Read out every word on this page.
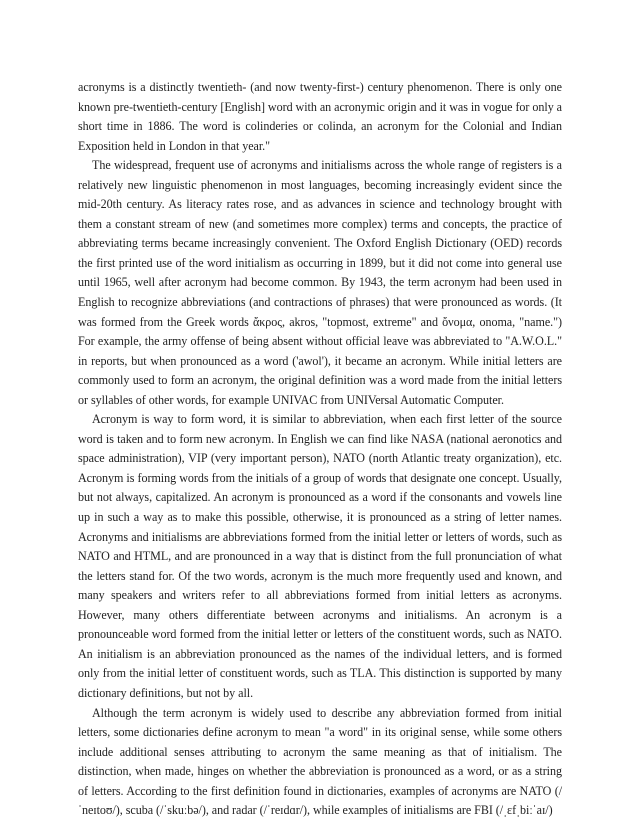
acronyms is a distinctly twentieth- (and now twenty-first-) century phenomenon. There is only one known pre-twentieth-century [English] word with an acronymic origin and it was in vogue for only a short time in 1886. The word is colinderies or colinda, an acronym for the Colonial and Indian Exposition held in London in that year."

The widespread, frequent use of acronyms and initialisms across the whole range of registers is a relatively new linguistic phenomenon in most languages, becoming increasingly evident since the mid-20th century. As literacy rates rose, and as advances in science and technology brought with them a constant stream of new (and sometimes more complex) terms and concepts, the practice of abbreviating terms became increasingly convenient. The Oxford English Dictionary (OED) records the first printed use of the word initialism as occurring in 1899, but it did not come into general use until 1965, well after acronym had become common. By 1943, the term acronym had been used in English to recognize abbreviations (and contractions of phrases) that were pronounced as words. (It was formed from the Greek words ἄκρος, akros, "topmost, extreme" and ὄνομα, onoma, "name.") For example, the army offense of being absent without official leave was abbreviated to "A.W.O.L." in reports, but when pronounced as a word ('awol'), it became an acronym. While initial letters are commonly used to form an acronym, the original definition was a word made from the initial letters or syllables of other words, for example UNIVAC from UNIVersal Automatic Computer.

Acronym is way to form word, it is similar to abbreviation, when each first letter of the source word is taken and to form new acronym. In English we can find like NASA (national aeronotics and space administration), VIP (very important person), NATO (north Atlantic treaty organization), etc. Acronym is forming words from the initials of a group of words that designate one concept. Usually, but not always, capitalized. An acronym is pronounced as a word if the consonants and vowels line up in such a way as to make this possible, otherwise, it is pronounced as a string of letter names. Acronyms and initialisms are abbreviations formed from the initial letter or letters of words, such as NATO and HTML, and are pronounced in a way that is distinct from the full pronunciation of what the letters stand for. Of the two words, acronym is the much more frequently used and known, and many speakers and writers refer to all abbreviations formed from initial letters as acronyms. However, many others differentiate between acronyms and initialisms. An acronym is a pronounceable word formed from the initial letter or letters of the constituent words, such as NATO. An initialism is an abbreviation pronounced as the names of the individual letters, and is formed only from the initial letter of constituent words, such as TLA. This distinction is supported by many dictionary definitions, but not by all.

Although the term acronym is widely used to describe any abbreviation formed from initial letters, some dictionaries define acronym to mean "a word" in its original sense, while some others include additional senses attributing to acronym the same meaning as that of initialism. The distinction, when made, hinges on whether the abbreviation is pronounced as a word, or as a string of letters. According to the first definition found in dictionaries, examples of acronyms are NATO (/ˈneɪtoʊ/), scuba (/ˈskuːbə/), and radar (/ˈreɪdɑr/), while examples of initialisms are FBI (/ˌɛfˌbiːˈaɪ/)
